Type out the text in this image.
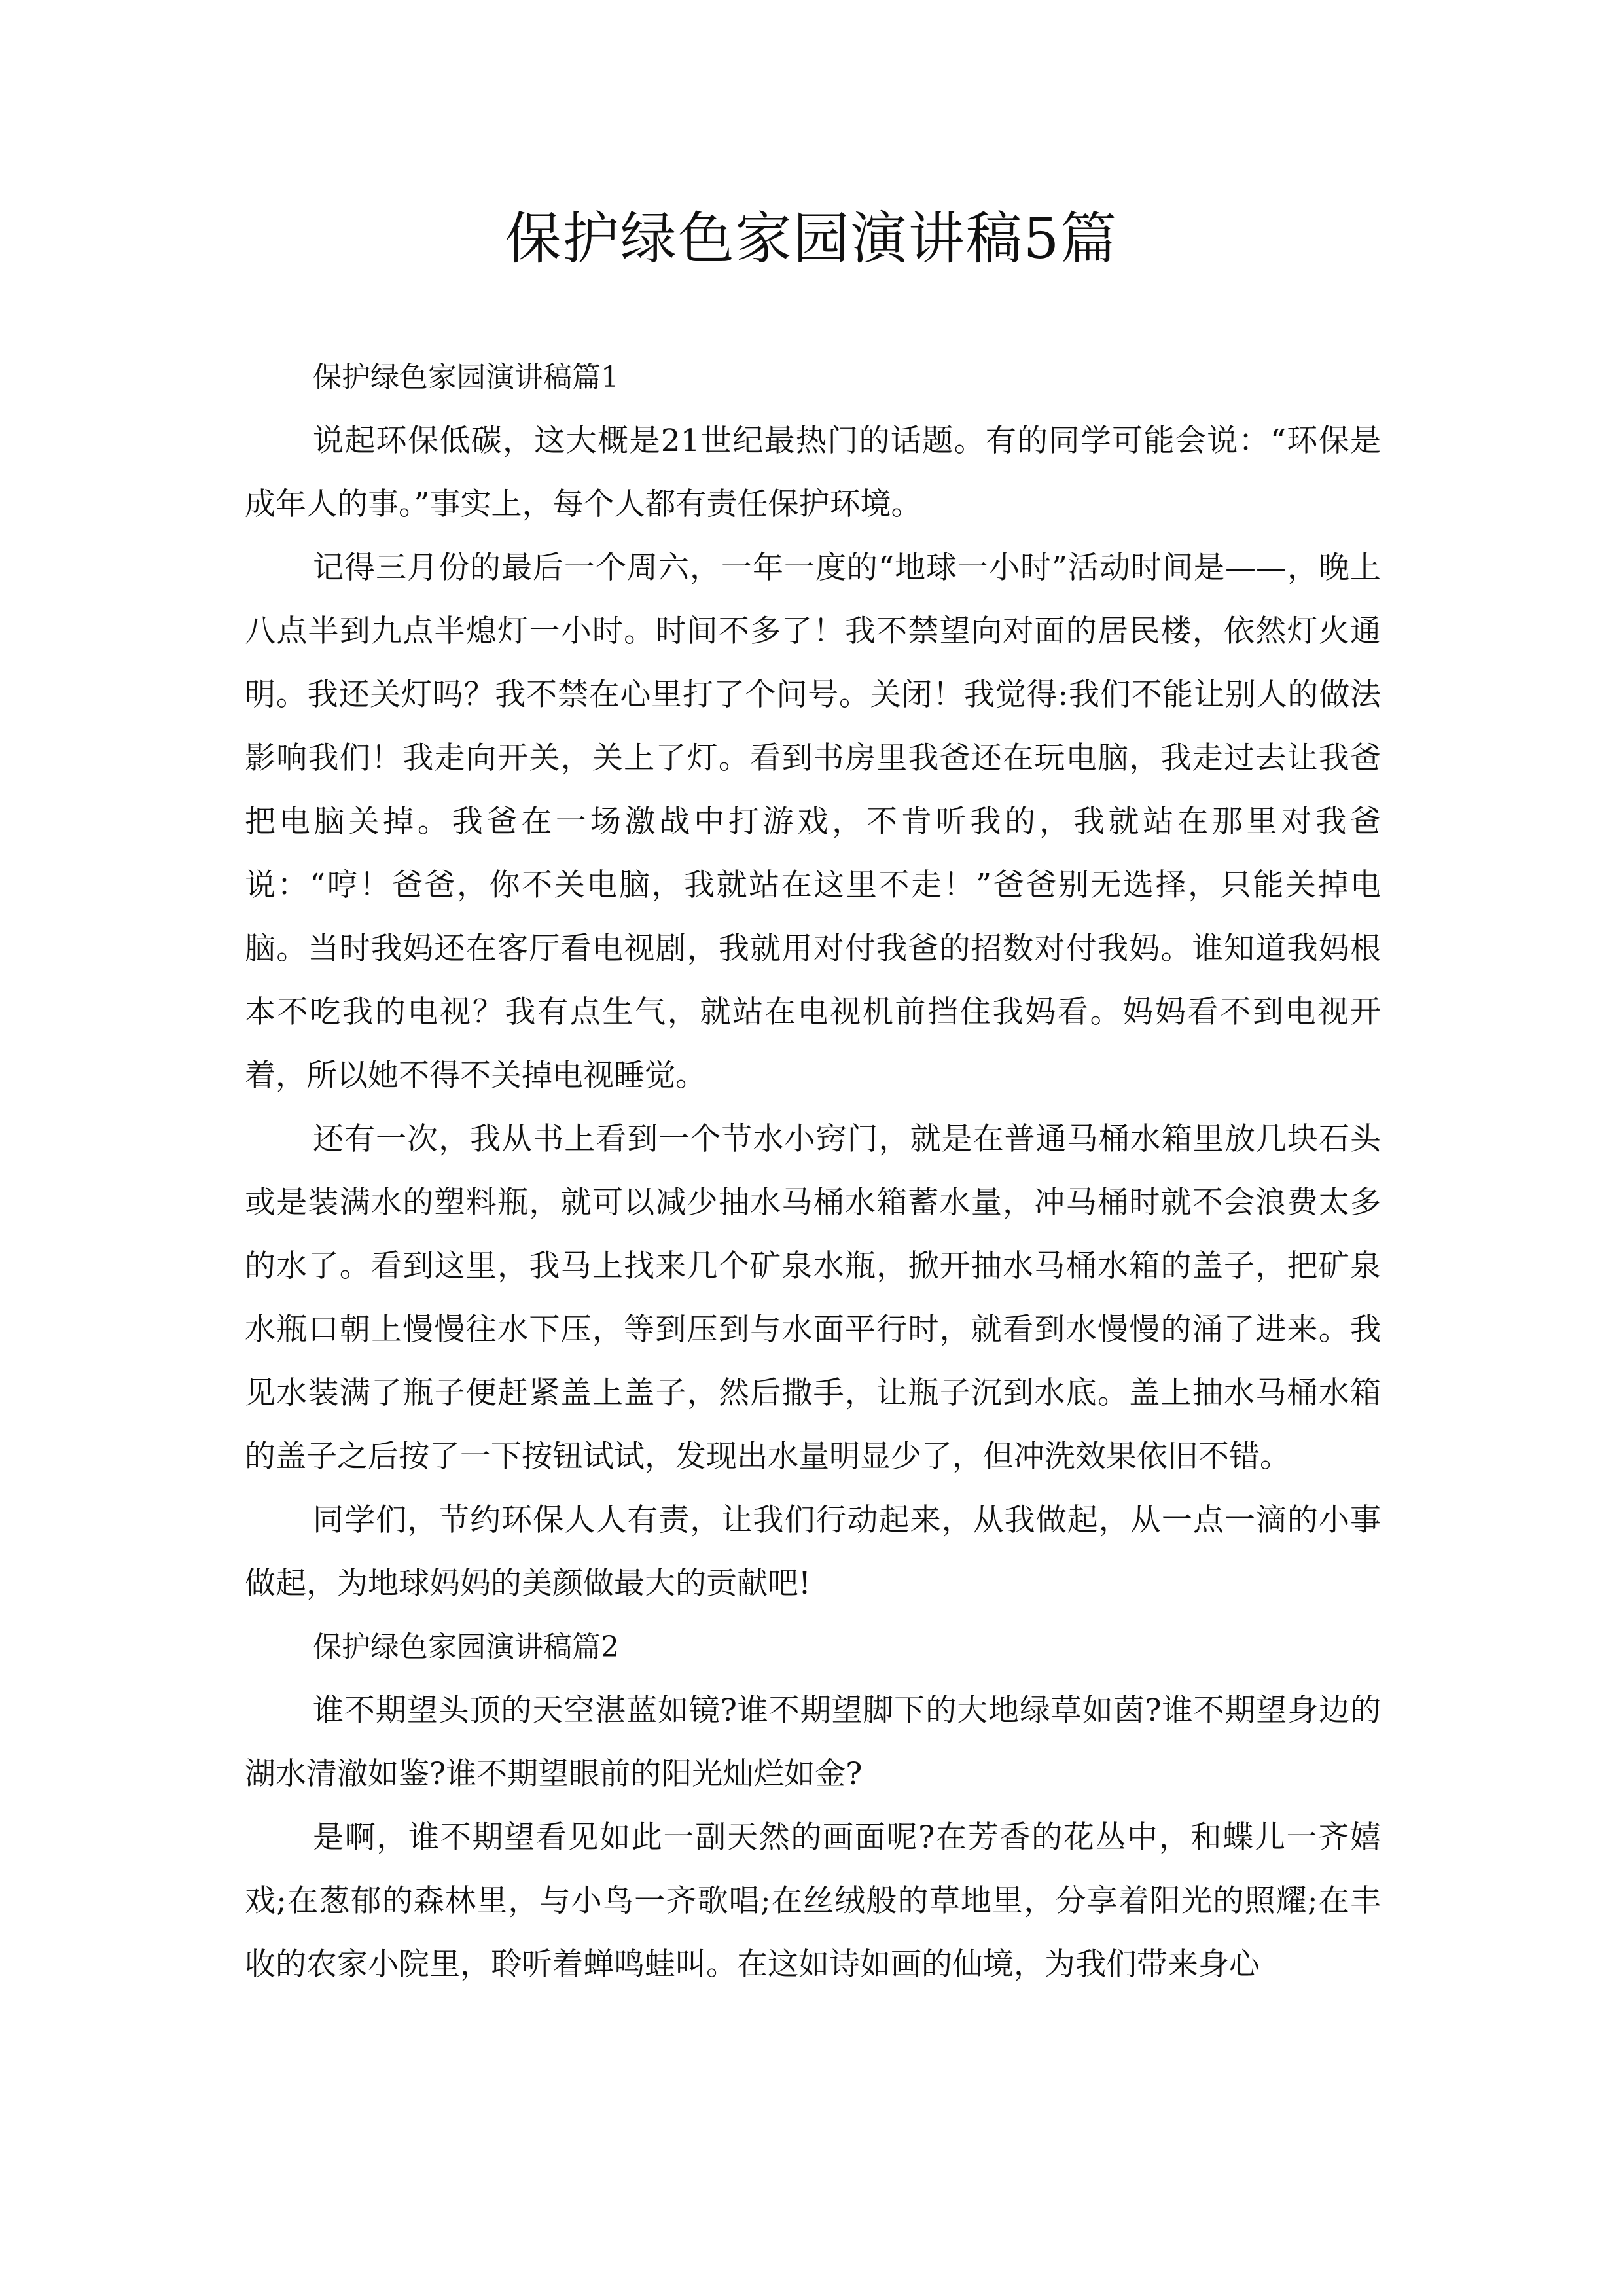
保护绿色家园演讲稿5篇

保护绿色家园演讲稿篇1

说起环保低碳，这大概是21世纪最热门的话题。有的同学可能会说：“环保是成年人的事。”事实上，每个人都有责任保护环境。

记得三月份的最后一个周六，一年一度的“地球一小时”活动时间是——，晚上八点半到九点半熄灯一小时。时间不多了！我不禁望向对面的居民楼，依然灯火通明。我还关灯吗？我不禁在心里打了个问号。关闭！我觉得:我们不能让别人的做法影响我们！我走向开关，关上了灯。看到书房里我爸还在玩电脑，我走过去让我爸把电脑关掉。我爸在一场激战中打游戏，不肯听我的，我就站在那里对我爸说：“哼！爸爸，你不关电脑，我就站在这里不走！”爸爸别无选择，只能关掉电脑。当时我妈还在客厅看电视剧，我就用对付我爸的招数对付我妈。谁知道我妈根本不吃我的电视？我有点生气，就站在电视机前挡住我妈看。妈妈看不到电视开着，所以她不得不关掉电视睡觉。

还有一次，我从书上看到一个节水小窍门，就是在普通马桶水箱里放几块石头或是装满水的塑料瓶，就可以减少抽水马桶水箱蓄水量，冲马桶时就不会浪费太多的水了。看到这里，我马上找来几个矿泉水瓶，掀开抽水马桶水箱的盖子，把矿泉水瓶口朝上慢慢往水下压，等到压到与水面平行时，就看到水慢慢的涌了进来。我见水装满了瓶子便赶紧盖上盖子，然后撒手，让瓶子沉到水底。盖上抽水马桶水箱的盖子之后按了一下按钮试试，发现出水量明显少了，但冲洗效果依旧不错。

同学们，节约环保人人有责，让我们行动起来，从我做起，从一点一滴的小事做起，为地球妈妈的美颜做最大的贡献吧!

保护绿色家园演讲稿篇2

谁不期望头顶的天空湛蓝如镜?谁不期望脚下的大地绿草如茵?谁不期望身边的湖水清澈如鉴?谁不期望眼前的阳光灿烂如金?

是啊，谁不期望看见如此一副天然的画面呢?在芳香的花丛中，和蝶儿一齐嬉戏;在葱郁的森林里，与小鸟一齐歌唱;在丝绒般的草地里，分享着阳光的照耀;在丰收的农家小院里，聆听着蝉鸣蛙叫。在这如诗如画的仙境，为我们带来身心
